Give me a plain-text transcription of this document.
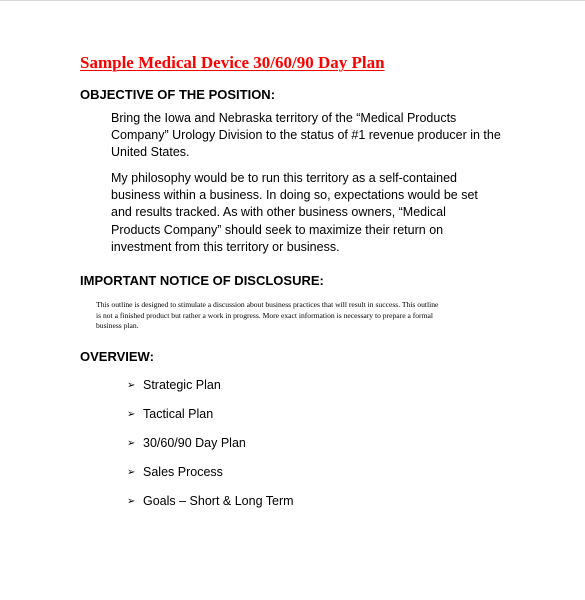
Sample Medical Device 30/60/90 Day Plan
OBJECTIVE OF THE POSITION:

Bring the Iowa and Nebraska territory of the “Medical Products
Company” Urology Division to the status of #1 revenue producer in the
United States.

My philosophy would be to run this territory as a self-contained
business within a business. In doing so, expectations would be set
and results tracked. As with other business owners, “Medical
Products Company” should seek to maximize their return on
investment from this territory or business.

IMPORTANT NOTICE OF DISCLOSURE:

This outline is designed to stimulate a discussion about business practices that will result in success. This outline
is not a finished product but rather a work in progress. More exact information is necessary to prepare a formal
business plan.

OVERVIEW:
➢ Strategic Plan
➢ Tactical Plan
➢ 30/60/90 Day Plan
➢ Sales Process
➢ Goals – Short & Long Term
